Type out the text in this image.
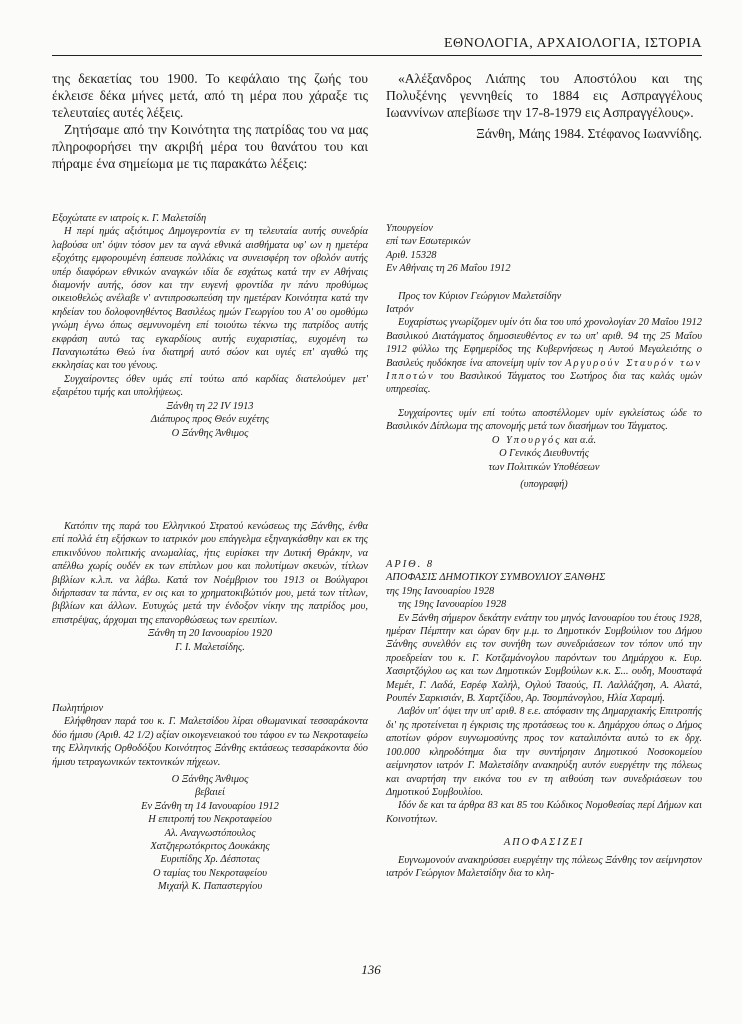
ΕΘΝΟΛΟΓΙΑ, ΑΡΧΑΙΟΛΟΓΙΑ, ΙΣΤΟΡΙΑ

της δεκαετίας του 1900. Το κεφάλαιο της ζωής του έκλεισε δέκα μήνες μετά, από τη μέρα που χάραξε τις τελευταίες αυτές λέξεις.

Ζητήσαμε από την Κοινότητα της πατρίδας του να μας πληροφορήσει την ακριβή μέρα του θανάτου του και πήραμε ένα σημείωμα με τις παρακάτω λέξεις:

Εξοχώτατε εν ιατροίς κ. Γ. Μαλετσίδη

Η περί ημάς αξιότιμος Δημογεροντία εν τη τελευταία αυτής συνεδρία λαβούσα υπ' όψιν τόσον μεν τα αγνά εθνικά αισθήματα υφ' ων η ημετέρα εξοχότης εμφορουμένη έσπευσε πολλάκις να συνεισφέρη τον οβολόν αυτής υπέρ διαφόρων εθνικών αναγκών ιδία δε εσχάτως κατά την εν Αθήναις διαμονήν αυτής, όσον και την ευγενή φροντίδα ην πάνυ προθύμως οικειοθελώς ανέλαβε ν' αντιπροσωπεύση την ημετέραν Κοινότητα κατά την κηδείαν του δολοφονηθέντος Βασιλέως ημών Γεωργίου του Α' ου ομοθύμω γνώμη έγνω όπως σεμνυνομένη επί τοιούτω τέκνω της πατρίδος αυτής εκφράση αυτώ τας εγκαρδίους αυτής ευχαριστίας, ευχομένη τω Παναγιωτάτω Θεώ ίνα διατηρή αυτό σώον και υγιές επ' αγαθώ της εκκλησίας και του γένους.

Συγχαίροντες όθεν υμάς επί τούτω από καρδίας διατελούμεν μετ' εξαιρέτου τιμής και υπολήψεως.

Ξάνθη τη 22 IV 1913

Διάπυρος προς Θεόν ευχέτης

Ο Ξάνθης Άνθιμος

Κατόπιν της παρά του Ελληνικού Στρατού κενώσεως της Ξάνθης, ένθα επί πολλά έτη εξήσκων το ιατρικόν μου επάγγελμα εξηναγκάσθην και εκ της επικινδύνου πολιτικής ανωμαλίας, ήτις ευρίσκει την Δυτική Θράκην, να απέλθω χωρίς ουδέν εκ των επίπλων μου και πολυτίμων σκευών, τίτλων βιβλίων κ.λ.π. να λάβω. Κατά τον Νοέμβριον του 1913 οι Βούλγαροι διήρπασαν τα πάντα, εν οις και το χρηματοκιβώτιόν μου, μετά των τίτλων, βιβλίων και άλλων. Ευτυχώς μετά την ένδοξον νίκην της πατρίδος μου, επιστρέψας, άρχομαι της επανορθώσεως των ερειπίων.

Ξάνθη τη 20 Ιανουαρίου 1920

Γ. Ι. Μαλετσίδης.

Πωλητήριον

Ελήφθησαν παρά του κ. Γ. Μαλετσίδου λίραι οθωμανικαί τεσσαράκοντα δύο ήμισυ (Αριθ. 42 1/2) αξίαν οικογενειακού του τάφου εν τω Νεκροταφείω της Ελληνικής Ορθοδόξου Κοινότητος Ξάνθης εκτάσεως τεσσαράκοντα δύο ήμισυ τετραγωνικών τεκτονικών πήχεων.

Ο Ξάνθης Άνθιμος

βεβαιεί

Εν Ξάνθη τη 14 Ιανουαρίου 1912

Η επιτροπή του Νεκροταφείου

Αλ. Αναγνωστόπουλος

Χατζηερωτόκριτος Δουκάκης

Ευριπίδης Χρ. Δέσποτας

Ο ταμίας του Νεκροταφείου

Μιχαήλ Κ. Παπαστεργίου

«Αλέξανδρος Λιάπης του Αποστόλου και της Πολυξένης γεννηθείς το 1884 εις Ασπραγγέλους Ιωαννίνων απεβίωσε την 17-8-1979 εις Ασπραγγέλους».

Ξάνθη, Μάης 1984. Στέφανος Ιωαννίδης.

Υπουργείον

επί των Εσωτερικών

Αριθ. 15328

Εν Αθήναις τη 26 Μαΐου 1912

Προς τον Κύριον Γεώργιον Μαλετσίδην

Ιατρόν

Ευχαρίστως γνωρίζομεν υμίν ότι δια του υπό χρονολογίαν 20 Μαΐου 1912 Βασιλικού Διατάγματος δημοσιευθέντος εν τω υπ' αριθ. 94 της 25 Μαΐου 1912 φύλλω της Εφημερίδος της Κυβερνήσεως η Αυτού Μεγαλειότης ο Βασιλεύς ηυδόκησε ίνα απονείμη υμίν τον Αργυρούν Σταυρόν των Ιπποτών του Βασιλικού Τάγματος του Σωτήρος δια τας καλάς υμών υπηρεσίας.

Συγχαίροντες υμίν επί τούτω αποστέλλομεν υμίν εγκλείστως ώδε το Βασιλικόν Δίπλωμα της απονομής μετά των διασήμων του Τάγματος.

Ο Υπουργός και α.ά.

Ο Γενικός Διευθυντής

των Πολιτικών Υποθέσεων

(υπογραφή)

ΑΡΙΘ. 8

ΑΠΟΦΑΣΙΣ ΔΗΜΟΤΙΚΟΥ ΣΥΜΒΟΥΛΙΟΥ ΞΑΝΘΗΣ

της 19ης Ιανουαρίου 1928

της 19ης Ιανουαρίου 1928

Εν Ξάνθη σήμερον δεκάτην ενάτην του μηνός Ιανουαρίου του έτους 1928, ημέραν Πέμπτην και ώραν 6ην μ.μ. το Δημοτικόν Συμβούλιον του Δήμου Ξάνθης συνελθόν εις τον συνήθη των συνεδριάσεων τον τόπον υπό την προεδρείαν του κ. Γ. Κοτζαμάνογλου παρόντων του Δημάρχου κ. Ευρ. Χασιρτζόγλου ως και των Δημοτικών Συμβούλων κ.κ. Σ... ουδη, Μουσταφά Μεμέτ, Γ. Λαδά, Εσρέφ Χαλήλ, Ογλού Τσαούς, Π. Λαλλάζηση, Α. Αλατά, Ρουπέν Σαρκισιάν, Β. Χαρτζίδου, Αρ. Τσομπάνογλου, Ηλία Χαραμή.

Λαβόν υπ' όψει την υπ' αριθ. 8 ε.ε. απόφασιν της Δημαρχιακής Επιτροπής δι' ης προτείνεται η έγκρισις της προτάσεως του κ. Δημάρχου όπως ο Δήμος αποτίων φόρον ευγνωμοσύνης προς τον καταλιπόντα αυτώ το εκ δρχ. 100.000 κληροδότημα δια την συντήρησιν Δημοτικού Νοσοκομείου αείμνηστον ιατρόν Γ. Μαλετσίδην ανακηρύξη αυτόν ευεργέτην της πόλεως και αναρτήση την εικόνα του εν τη αιθούση των συνεδριάσεων του Δημοτικού Συμβουλίου.

Ιδόν δε και τα άρθρα 83 και 85 του Κώδικος Νομοθεσίας περί Δήμων και Κοινοτήτων.

ΑΠΟΦΑΣΙΖΕΙ

Ευγνωμονούν ανακηρύσσει ευεργέτην της πόλεως Ξάνθης τον αείμνηστον ιατρόν Γεώργιον Μαλετσίδην δια το κλη-

136
